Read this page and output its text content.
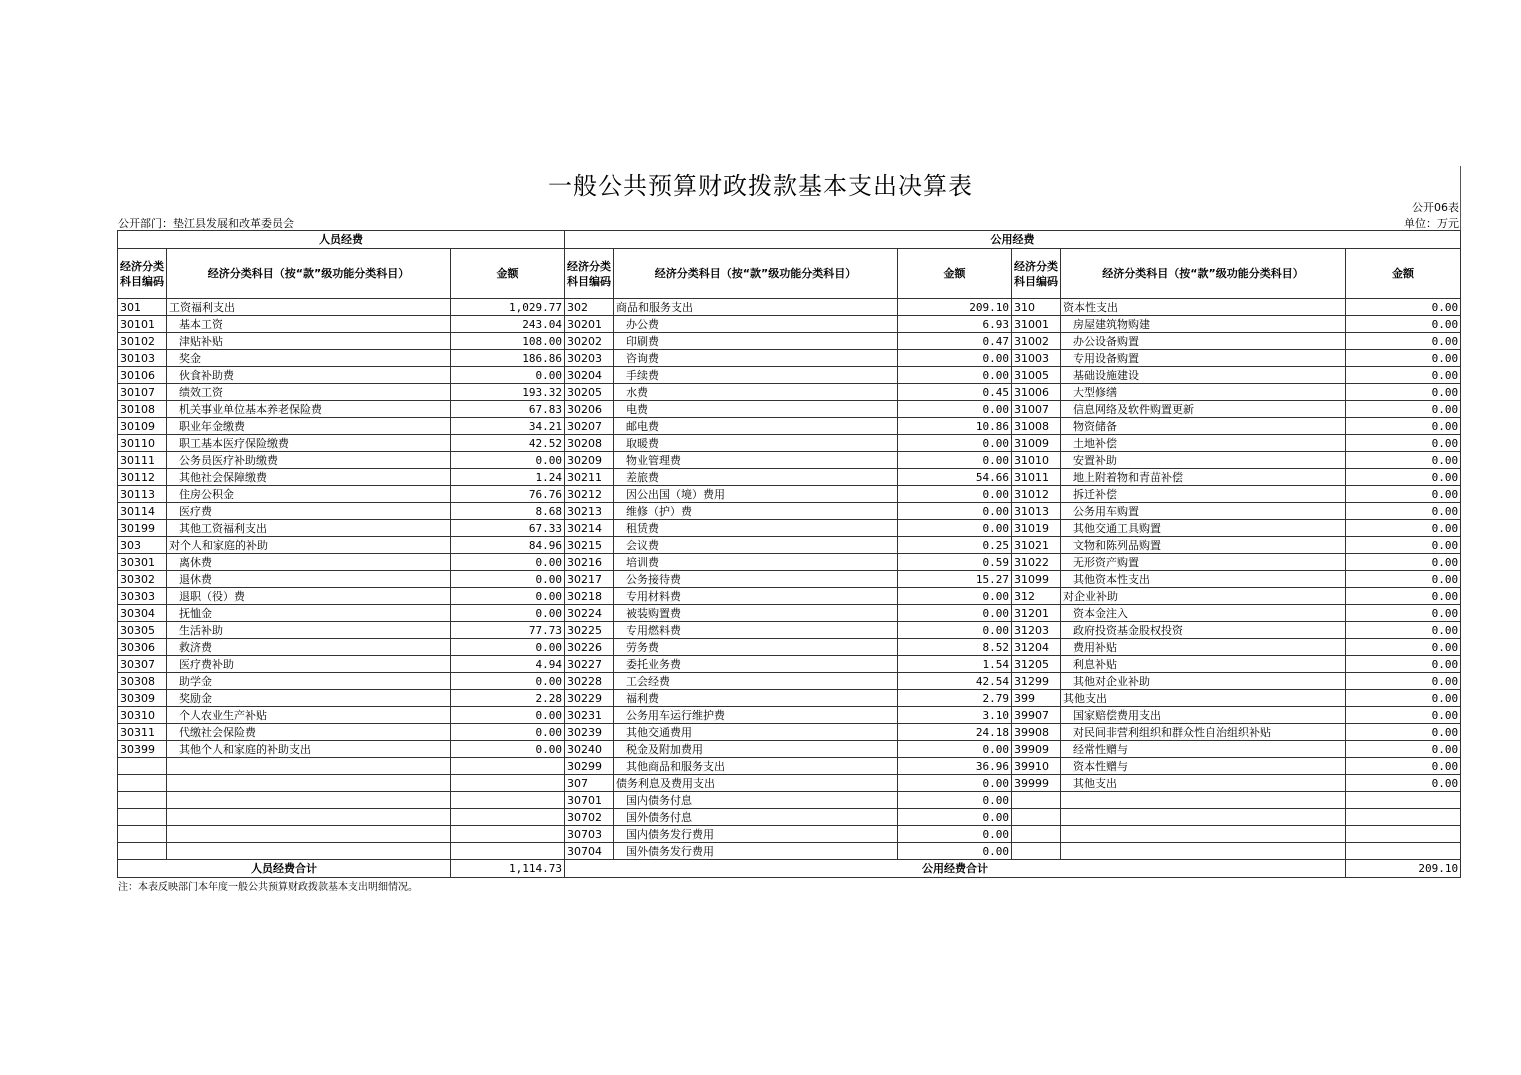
一般公共预算财政拨款基本支出决算表
公开06表
公开部门：垫江县发展和改革委员会	单位：万元
人员经费			公用经费					
经济分类科目编码	经济分类科目（按“款”级功能分类科目）	金额	经济分类科目编码	经济分类科目（按“款”级功能分类科目）	金额	经济分类科目编码	经济分类科目（按“款”级功能分类科目）	金额
301	工资福利支出	1,029.77	302	商品和服务支出	209.10	310	资本性支出	0.00
30101	基本工资	243.04	30201	办公费	6.93	31001	房屋建筑物购建	0.00
30102	津贴补贴	108.00	30202	印刷费	0.47	31002	办公设备购置	0.00
30103	奖金	186.86	30203	咨询费	0.00	31003	专用设备购置	0.00
30106	伙食补助费	0.00	30204	手续费	0.00	31005	基础设施建设	0.00
30107	绩效工资	193.32	30205	水费	0.45	31006	大型修缮	0.00
30108	机关事业单位基本养老保险费	67.83	30206	电费	0.00	31007	信息网络及软件购置更新	0.00
30109	职业年金缴费	34.21	30207	邮电费	10.86	31008	物资储备	0.00
30110	职工基本医疗保险缴费	42.52	30208	取暖费	0.00	31009	土地补偿	0.00
30111	公务员医疗补助缴费	0.00	30209	物业管理费	0.00	31010	安置补助	0.00
30112	其他社会保障缴费	1.24	30211	差旅费	54.66	31011	地上附着物和青苗补偿	0.00
30113	住房公积金	76.76	30212	因公出国（境）费用	0.00	31012	拆迁补偿	0.00
30114	医疗费	8.68	30213	维修（护）费	0.00	31013	公务用车购置	0.00
30199	其他工资福利支出	67.33	30214	租赁费	0.00	31019	其他交通工具购置	0.00
303	对个人和家庭的补助	84.96	30215	会议费	0.25	31021	文物和陈列品购置	0.00
30301	离休费	0.00	30216	培训费	0.59	31022	无形资产购置	0.00
30302	退休费	0.00	30217	公务接待费	15.27	31099	其他资本性支出	0.00
30303	退职（役）费	0.00	30218	专用材料费	0.00	312	对企业补助	0.00
30304	抚恤金	0.00	30224	被装购置费	0.00	31201	资本金注入	0.00
30305	生活补助	77.73	30225	专用燃料费	0.00	31203	政府投资基金股权投资	0.00
30306	救济费	0.00	30226	劳务费	8.52	31204	费用补贴	0.00
30307	医疗费补助	4.94	30227	委托业务费	1.54	31205	利息补贴	0.00
30308	助学金	0.00	30228	工会经费	42.54	31299	其他对企业补助	0.00
30309	奖励金	2.28	30229	福利费	2.79	399	其他支出	0.00
30310	个人农业生产补贴	0.00	30231	公务用车运行维护费	3.10	39907	国家赔偿费用支出	0.00
30311	代缴社会保险费	0.00	30239	其他交通费用	24.18	39908	对民间非营利组织和群众性自治组织补贴	0.00
30399	其他个人和家庭的补助支出	0.00	30240	税金及附加费用	0.00	39909	经常性赠与	0.00
			30299	其他商品和服务支出	36.96	39910	资本性赠与	0.00
			307	债务利息及费用支出	0.00	39999	其他支出	0.00
			30701	国内债务付息	0.00			
			30702	国外债务付息	0.00			
			30703	国内债务发行费用	0.00			
			30704	国外债务发行费用	0.00			
人员经费合计		1,114.73	公用经费合计					209.10
注：本表反映部门本年度一般公共预算财政拨款基本支出明细情况。
